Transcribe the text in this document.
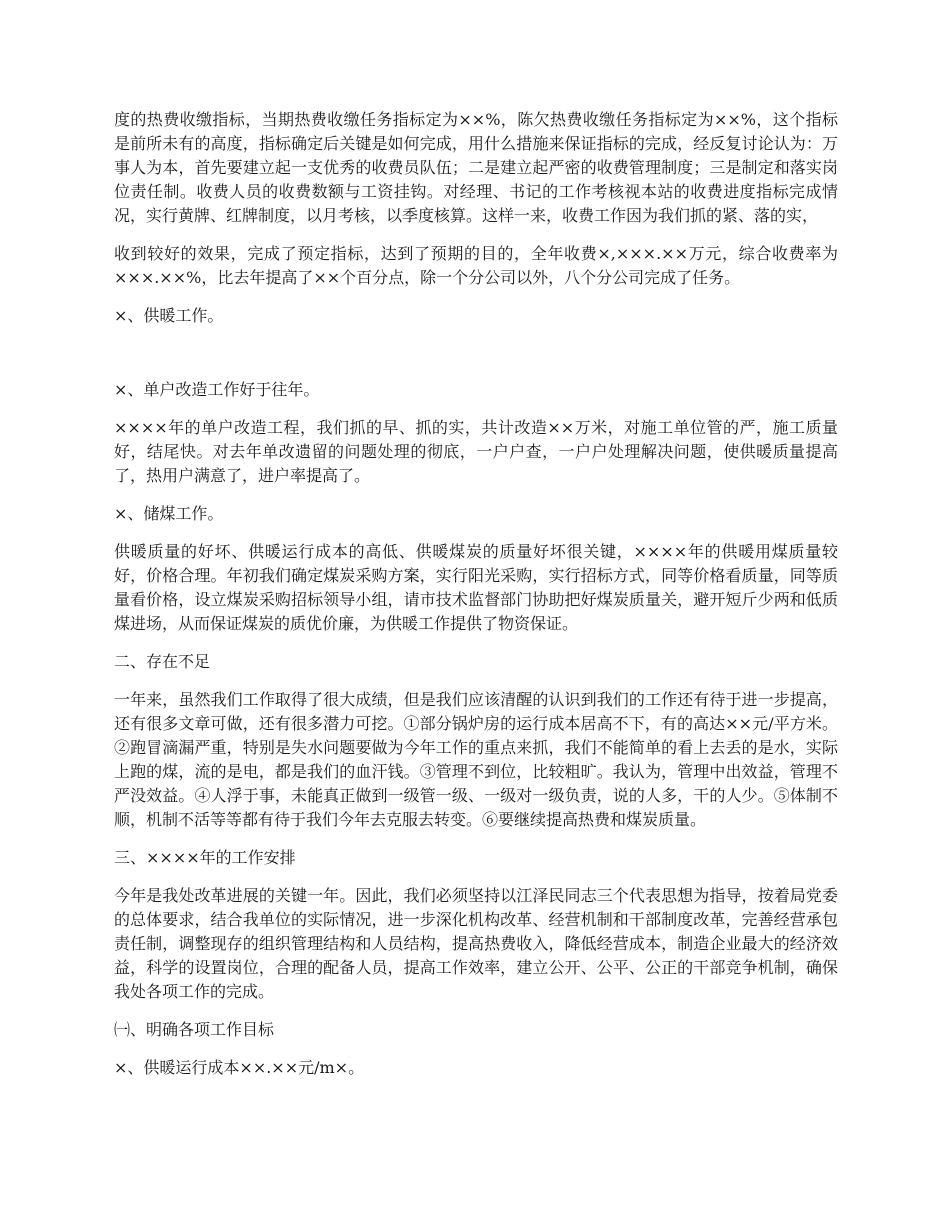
度的热费收缴指标，当期热费收缴任务指标定为××%，陈欠热费收缴任务指标定为××%，这个指标是前所未有的高度，指标确定后关键是如何完成，用什么措施来保证指标的完成，经反复讨论认为：万事人为本，首先要建立起一支优秀的收费员队伍；二是建立起严密的收费管理制度；三是制定和落实岗位责任制。收费人员的收费数额与工资挂钩。对经理、书记的工作考核视本站的收费进度指标完成情况，实行黄牌、红牌制度，以月考核，以季度核算。这样一来，收费工作因为我们抓的紧、落的实，

收到较好的效果，完成了预定指标，达到了预期的目的，全年收费×,×××.××万元，综合收费率为×××.××%，比去年提高了××个百分点，除一个分公司以外，八个分公司完成了任务。

×、供暖工作。

×、单户改造工作好于往年。

××××年的单户改造工程，我们抓的早、抓的实，共计改造××万米，对施工单位管的严，施工质量好，结尾快。对去年单改遗留的问题处理的彻底，一户户查，一户户处理解决问题，使供暖质量提高了，热用户满意了，进户率提高了。

×、储煤工作。

供暖质量的好坏、供暖运行成本的高低、供暖煤炭的质量好坏很关键，××××年的供暖用煤质量较好，价格合理。年初我们确定煤炭采购方案，实行阳光采购，实行招标方式，同等价格看质量，同等质量看价格，设立煤炭采购招标领导小组，请市技术监督部门协助把好煤炭质量关，避开短斤少两和低质煤进场，从而保证煤炭的质优价廉，为供暖工作提供了物资保证。

二、存在不足

一年来，虽然我们工作取得了很大成绩，但是我们应该清醒的认识到我们的工作还有待于进一步提高，还有很多文章可做，还有很多潜力可挖。①部分锅炉房的运行成本居高不下，有的高达××元/平方米。②跑冒滴漏严重，特别是失水问题要做为今年工作的重点来抓，我们不能简单的看上去丢的是水，实际上跑的煤，流的是电，都是我们的血汗钱。③管理不到位，比较粗旷。我认为，管理中出效益，管理不严没效益。④人浮于事，未能真正做到一级管一级、一级对一级负责，说的人多，干的人少。⑤体制不顺，机制不活等等都有待于我们今年去克服去转变。⑥要继续提高热费和煤炭质量。

三、××××年的工作安排

今年是我处改革进展的关键一年。因此，我们必须坚持以江泽民同志三个代表思想为指导，按着局党委的总体要求，结合我单位的实际情况，进一步深化机构改革、经营机制和干部制度改革，完善经营承包责任制，调整现存的组织管理结构和人员结构，提高热费收入，降低经营成本，制造企业最大的经济效益，科学的设置岗位，合理的配备人员，提高工作效率，建立公开、公平、公正的干部竞争机制，确保我处各项工作的完成。

㈠、明确各项工作目标

×、供暖运行成本××.××元/m×。
